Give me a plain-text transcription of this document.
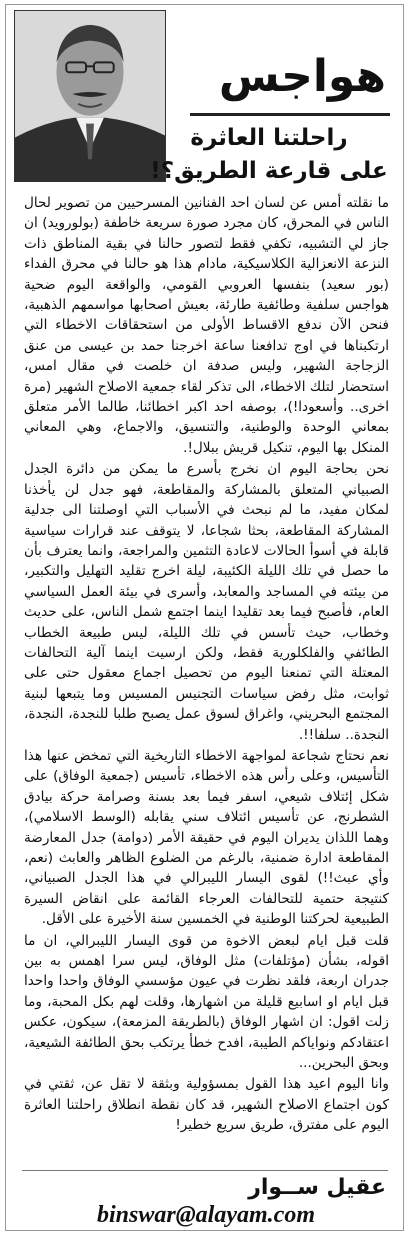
هواجس
راحلتنا العاثرة
على قارعة الطريق؟!

ما نقلته أمس عن لسان احد الفنانين المسرحيين من تصوير لحال الناس في المحرق، كان مجرد صورة سريعة خاطفة (بولوروید) ان جاز لي التشبيه، تكفي فقط لتصور حالنا في بقية المناطق ذات النزعة الانعزالية الكلاسيكية، مادام هذا هو حالنا في محرق الفداء (بور سعيد) بنفسها العروبي القومي، والواقعة اليوم ضحية هواجس سلفية وطائفية طارئة، بعيش اصحابها مواسمهم الذهبية، فنحن الآن ندفع الاقساط الأولى من استحقاقات الاخطاء التي ارتكبناها في اوج تدافعنا ساعة اخرجنا حمد بن عيسى من عنق الزجاجة الشهير، وليس صدفة ان خلصت في مقال امس، استحضار لتلك الاخطاء، الى تذكر لقاء جمعية الاصلاح الشهير (مرة اخرى.. وأسعودا!)، بوصفه احد اكبر اخطائنا، طالما الأمر متعلق بمعاني الوحدة والوطنية، والتنسيق، والاجماع، وهي المعاني المنكل بها اليوم، تنكيل قريش ببلال!.

نحن بحاجة اليوم ان نخرج بأسرع ما يمكن من دائرة الجدل الصبياني المتعلق بالمشاركة والمقاطعة، فهو جدل لن يأخذنا لمكان مفيد، ما لم نبحث في الأسباب التي اوصلتنا الى جدلية المشاركة المقاطعة، بحثا شجاعا، لا يتوقف عند قرارات سياسية قابلة في أسوأ الحالات لاعادة التثمين والمراجعة، وانما يعترف بأن ما حصل في تلك الليلة الكئيبة، ليلة اخرج تقليد التهليل والتكبير، من بيئته في المساجد والمعابد، وأسرى في بيئة العمل السياسي العام، فأصبح فيما بعد تقليدا اينما اجتمع شمل الناس، على حديث وخطاب، حيث تأسس في تلك الليلة، ليس طبيعة الخطاب الطائفي والفلكلورية فقط، ولكن ارسيت اينما آلية التحالفات المعتلة التي تمنعنا اليوم من تحصيل اجماع معقول حتى على ثوابت، مثل رفض سياسات التجنيس المسيس وما يتبعها لبنية المجتمع البحريني، واغراق لسوق عمل يصبح طلبا للنجدة، النجدة، النجدة.. سلفا!!.

نعم نحتاج شجاعة لمواجهة الاخطاء التاريخية التي تمخض عنها هذا التأسيس، وعلى رأس هذه الاخطاء، تأسيس (جمعية الوفاق) على شكل إئتلاف شيعي، اسفر فيما بعد بسنة وصرامة حركة بيادق الشطرنج، عن تأسيس ائتلاف سني يقابله (الوسط الاسلامي)، وهما اللذان يديران اليوم في حقيقة الأمر (دوامة) جدل المعارضة المقاطعة ادارة ضمنية، بالرغم من الضلوع الظاهر والعابث (نعم، وأي عبث!!) لقوى اليسار الليبرالي في هذا الجدل الصبياني، كنتيجة حتمية للتحالفات العرجاء القائمة على انقاض السيرة الطبيعية لحركتنا الوطنية في الخمسين سنة الأخيرة على الأقل.

قلت قبل ايام لبعض الاخوة من قوى اليسار الليبرالي، ان ما اقوله، بشأن (مؤتلفات) مثل الوفاق، ليس سرا اهمس به بين جدران اربعة، فلقد نظرت في عيون مؤسسي الوفاق واحدا واحدا قبل ايام او اسابيع قليلة من اشهارها، وقلت لهم بكل المحبة، وما زلت اقول: ان اشهار الوفاق (بالطريقة المزمعة)، سيكون، عكس اعتقادكم ونواياكم الطيبة، افدح خطأ يرتكب بحق الطائفة الشيعية، وبحق البحرين...

وانا اليوم اعيد هذا القول بمسؤولية وبثقة لا تقل عن، ثقتي في كون اجتماع الاصلاح الشهير، قد كان نقطة انطلاق راحلتنا العاثرة اليوم على مفترق، طريق سريع خطير!

عقيل ســوار
binswar@alayam.com
